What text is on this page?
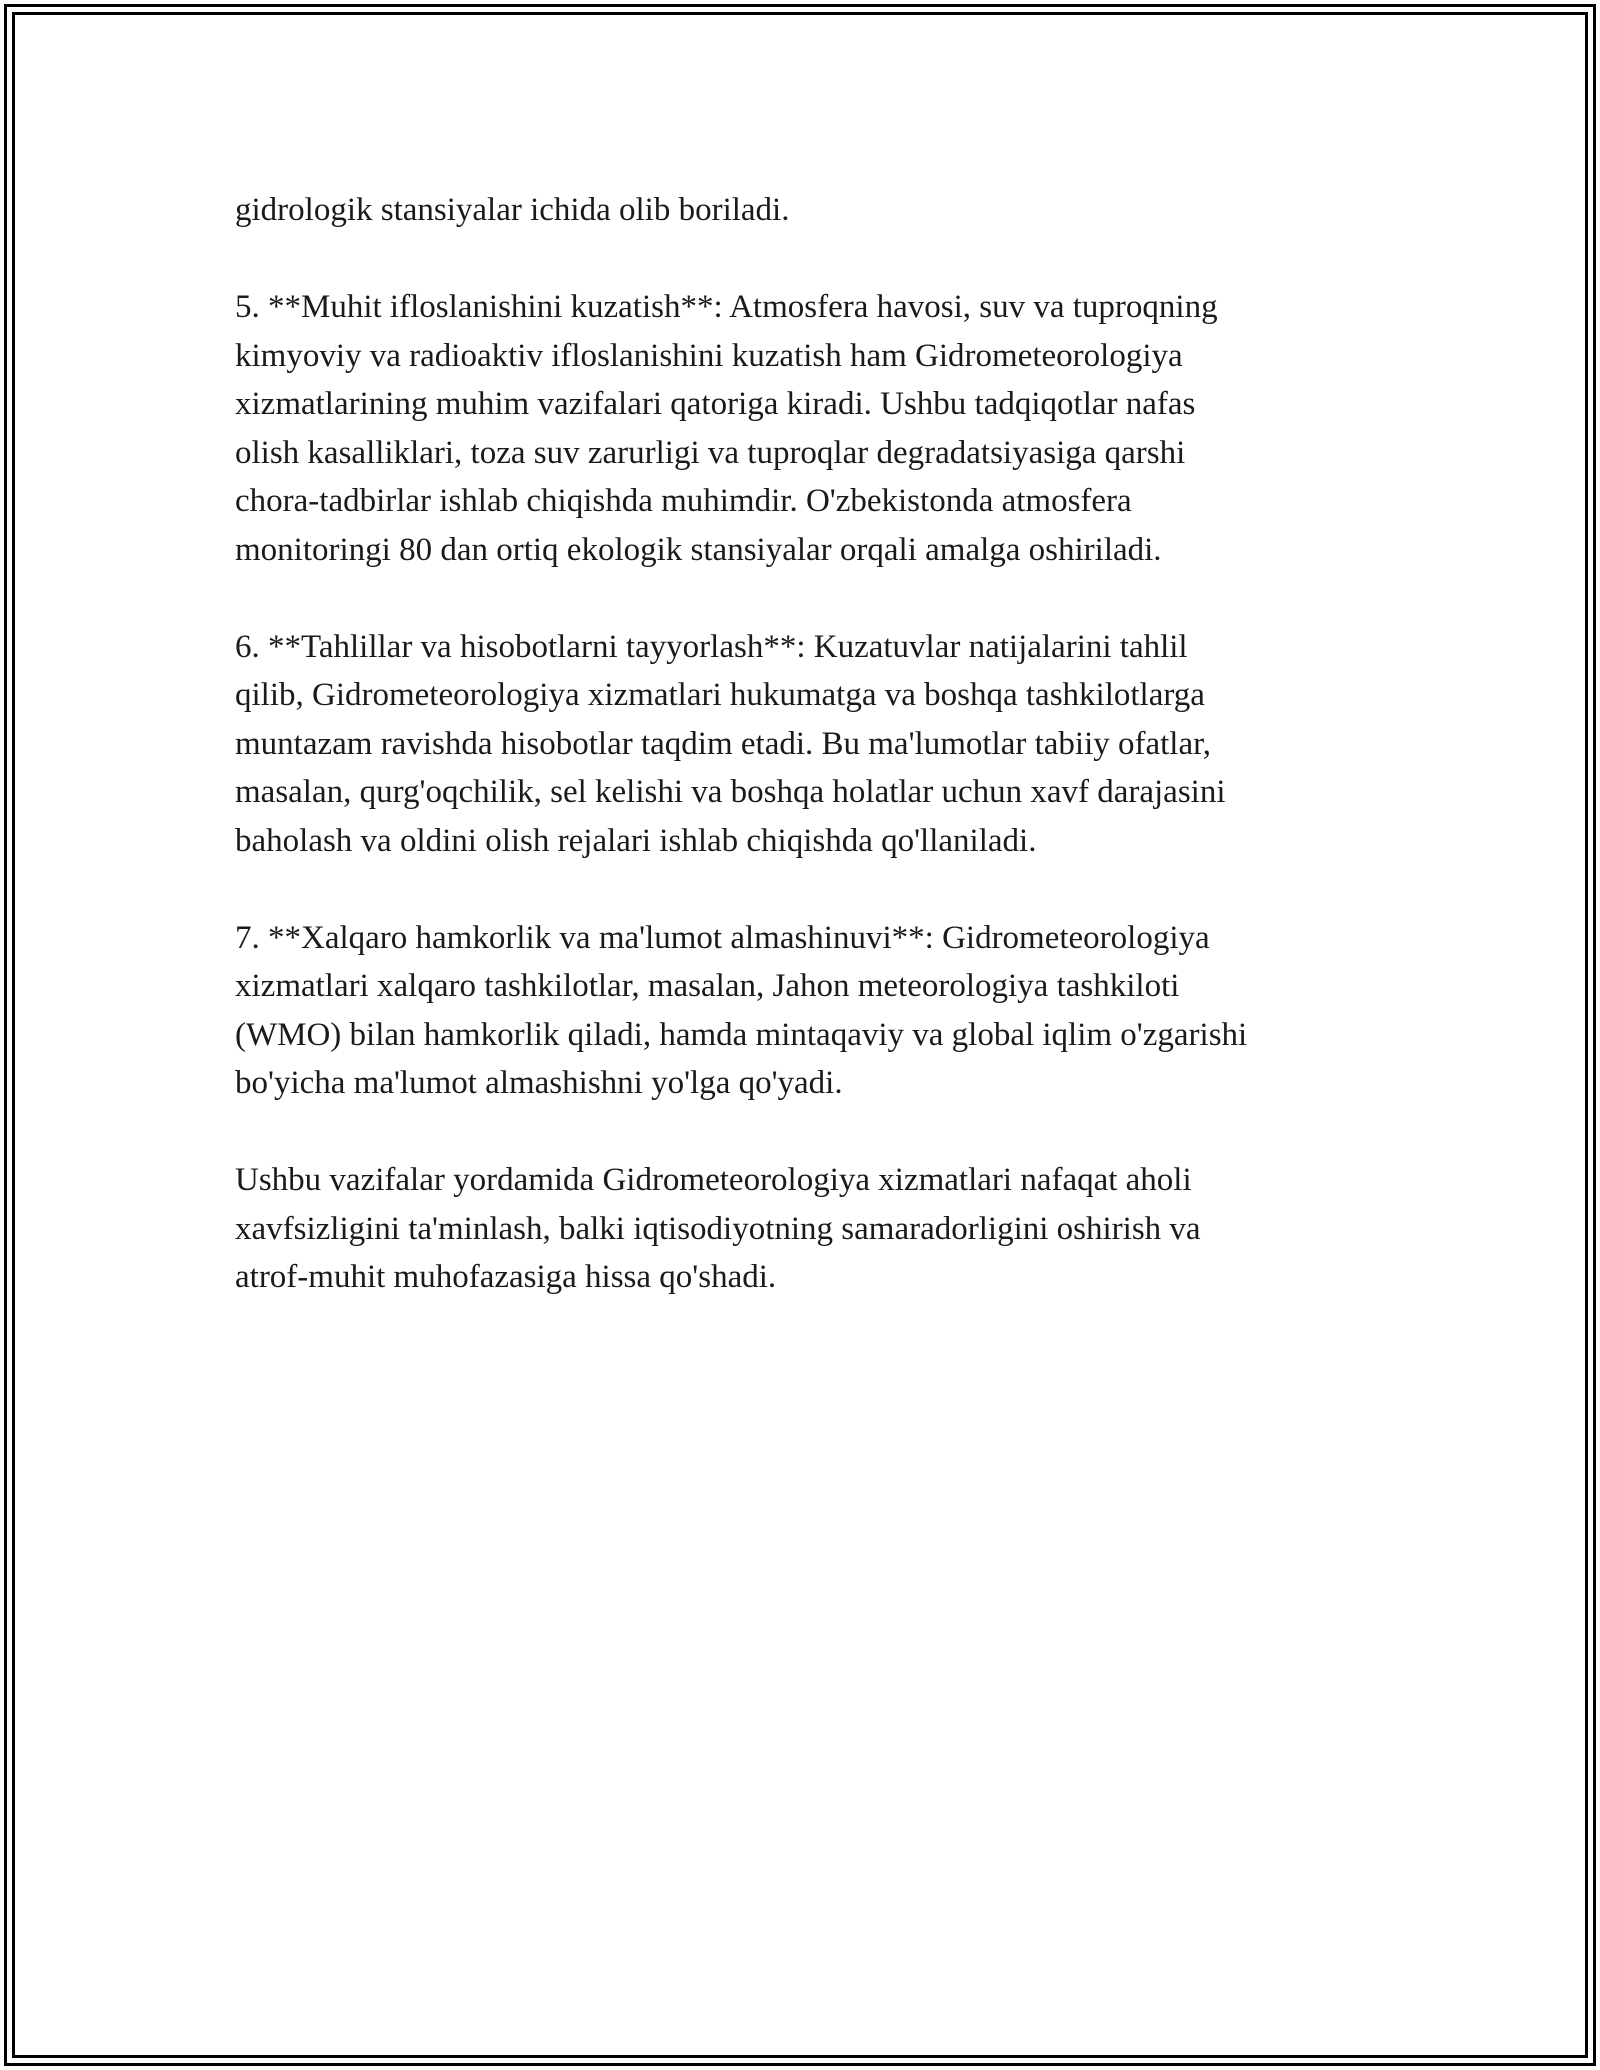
gidrologik stansiyalar ichida olib boriladi.

5. **Muhit ifloslanishini kuzatish**: Atmosfera havosi, suv va tuproqning
kimyoviy va radioaktiv ifloslanishini kuzatish ham Gidrometeorologiya
xizmatlarining muhim vazifalari qatoriga kiradi. Ushbu tadqiqotlar nafas
olish kasalliklari, toza suv zarurligi va tuproqlar degradatsiyasiga qarshi
chora-tadbirlar ishlab chiqishda muhimdir. O'zbekistonda atmosfera
monitoringi 80 dan ortiq ekologik stansiyalar orqali amalga oshiriladi.

6. **Tahlillar va hisobotlarni tayyorlash**: Kuzatuvlar natijalarini tahlil
qilib, Gidrometeorologiya xizmatlari hukumatga va boshqa tashkilotlarga
muntazam ravishda hisobotlar taqdim etadi. Bu ma'lumotlar tabiiy ofatlar,
masalan, qurg'oqchilik, sel kelishi va boshqa holatlar uchun xavf darajasini
baholash va oldini olish rejalari ishlab chiqishda qo'llaniladi.

7. **Xalqaro hamkorlik va ma'lumot almashinuvi**: Gidrometeorologiya
xizmatlari xalqaro tashkilotlar, masalan, Jahon meteorologiya tashkiloti
(WMO) bilan hamkorlik qiladi, hamda mintaqaviy va global iqlim o'zgarishi
bo'yicha ma'lumot almashishni yo'lga qo'yadi.

Ushbu vazifalar yordamida Gidrometeorologiya xizmatlari nafaqat aholi
xavfsizligini ta'minlash, balki iqtisodiyotning samaradorligini oshirish va
atrof-muhit muhofazasiga hissa qo'shadi.
